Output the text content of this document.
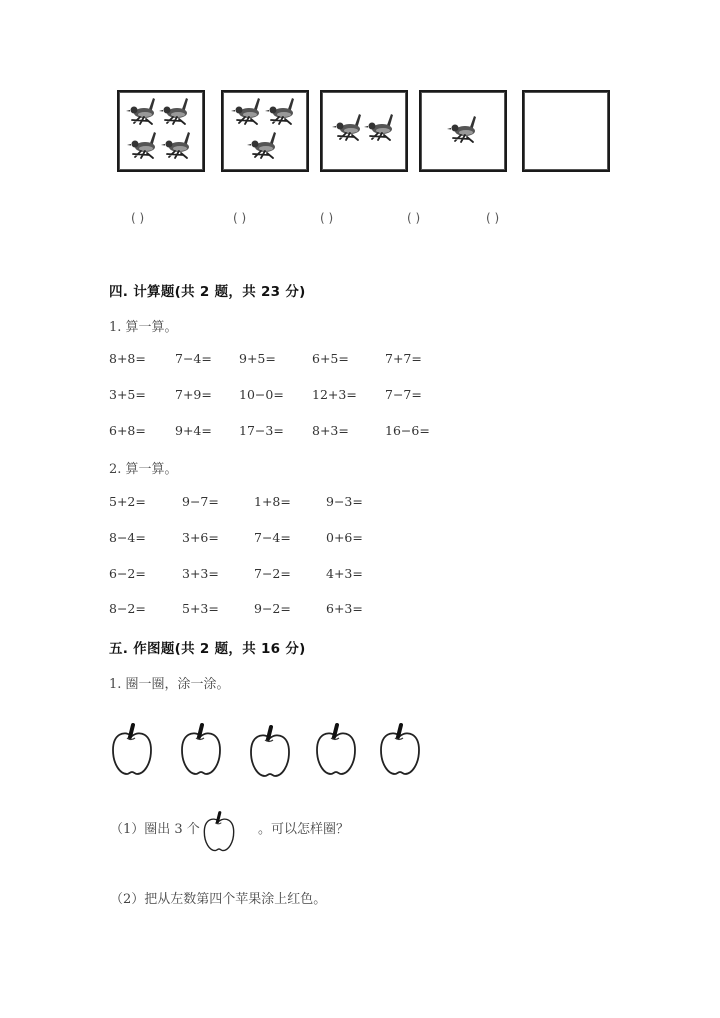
( )	( )	( )	( )	( )
四. 计算题(共 2 题，共 23 分)
1. 算一算。
8+8= 7−4= 9+5=	6+5=	7+7=
3+5= 7+9= 10−0= 12+3= 7−7=
6+8= 9+4= 17−3= 8+3=	16−6=
2. 算一算。
5+2=	9−7=	1+8=	9−3=
8−4=	3+6=	7−4=	0+6=
6−2=	3+3=	7−2=	4+3=
8−2=	5+3=	9−2=	6+3=
五. 作图题(共 2 题，共 16 分)
1. 圈一圈，涂一涂。
（1）圈出 3 个	。可以怎样圈？
（2）把从左数第四个苹果涂上红色。
